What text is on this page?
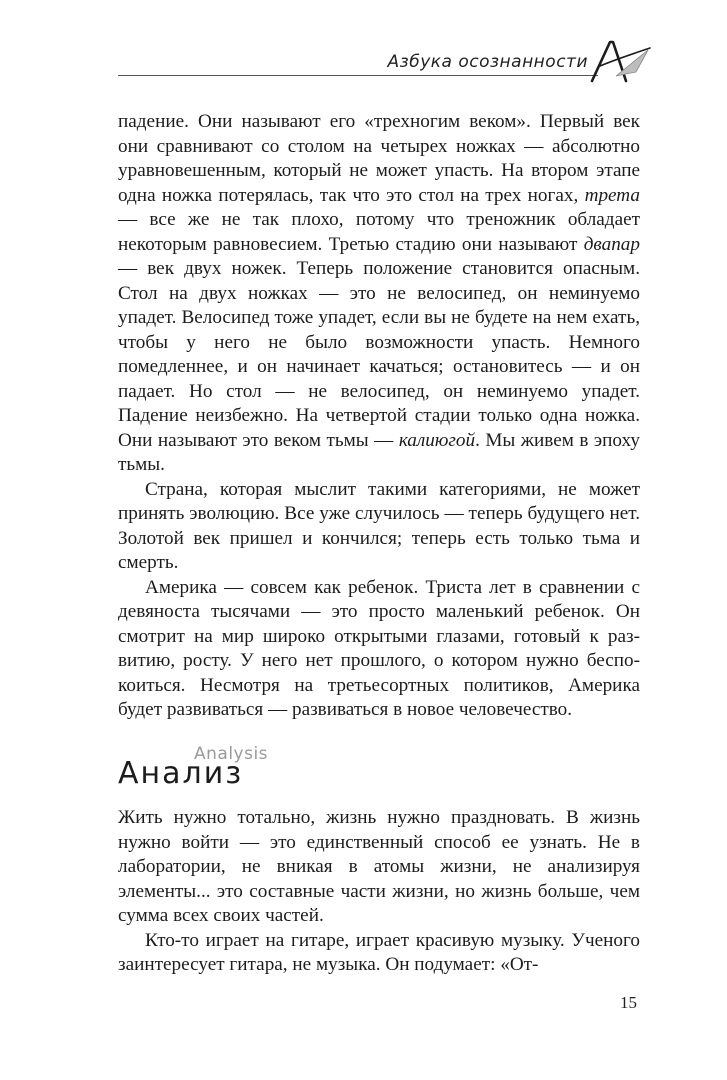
Азбука осознанности

падение. Они называют его «трехногим веком». Первый век они сравнивают со столом на четырех ножках — абсолютно уравновешенным, который не может упасть. На втором этапе одна ножка потерялась, так что это стол на трех ногах, трета — все же не так плохо, потому что треножник обладает некоторым равновесием. Третью стадию они называют двапар — век двух ножек. Теперь положение становится опасным. Стол на двух ножках — это не велосипед, он неминуемо упадет. Велосипед тоже упадет, если вы не будете на нем ехать, чтобы у него не было возможности упасть. Немного помедленнее, и он начинает качаться; остановитесь — и он падает. Но стол — не велосипед, он неминуемо упадет. Падение неизбежно. На четвертой стадии только одна ножка. Они называют это веком тьмы — калиюгой. Мы живем в эпоху тьмы.

Страна, которая мыслит такими категориями, не может принять эволюцию. Все уже случилось — теперь будущего нет. Золотой век пришел и кончился; теперь есть только тьма и смерть.

Америка — совсем как ребенок. Триста лет в сравнении с девяноста тысячами — это просто маленький ребенок. Он смотрит на мир широко открытыми глазами, готовый к развитию, росту. У него нет прошлого, о котором нужно беспокоиться. Несмотря на третьесортных политиков, Америка будет развиваться — развиваться в новое человечество.

Analysis
Анализ

Жить нужно тотально, жизнь нужно праздновать. В жизнь нужно войти — это единственный способ ее узнать. Не в лаборатории, не вникая в атомы жизни, не анализируя элементы... это составные части жизни, но жизнь больше, чем сумма всех своих частей.

Кто-то играет на гитаре, играет красивую музыку. Ученого заинтересует гитара, не музыка. Он подумает: «От-

15
